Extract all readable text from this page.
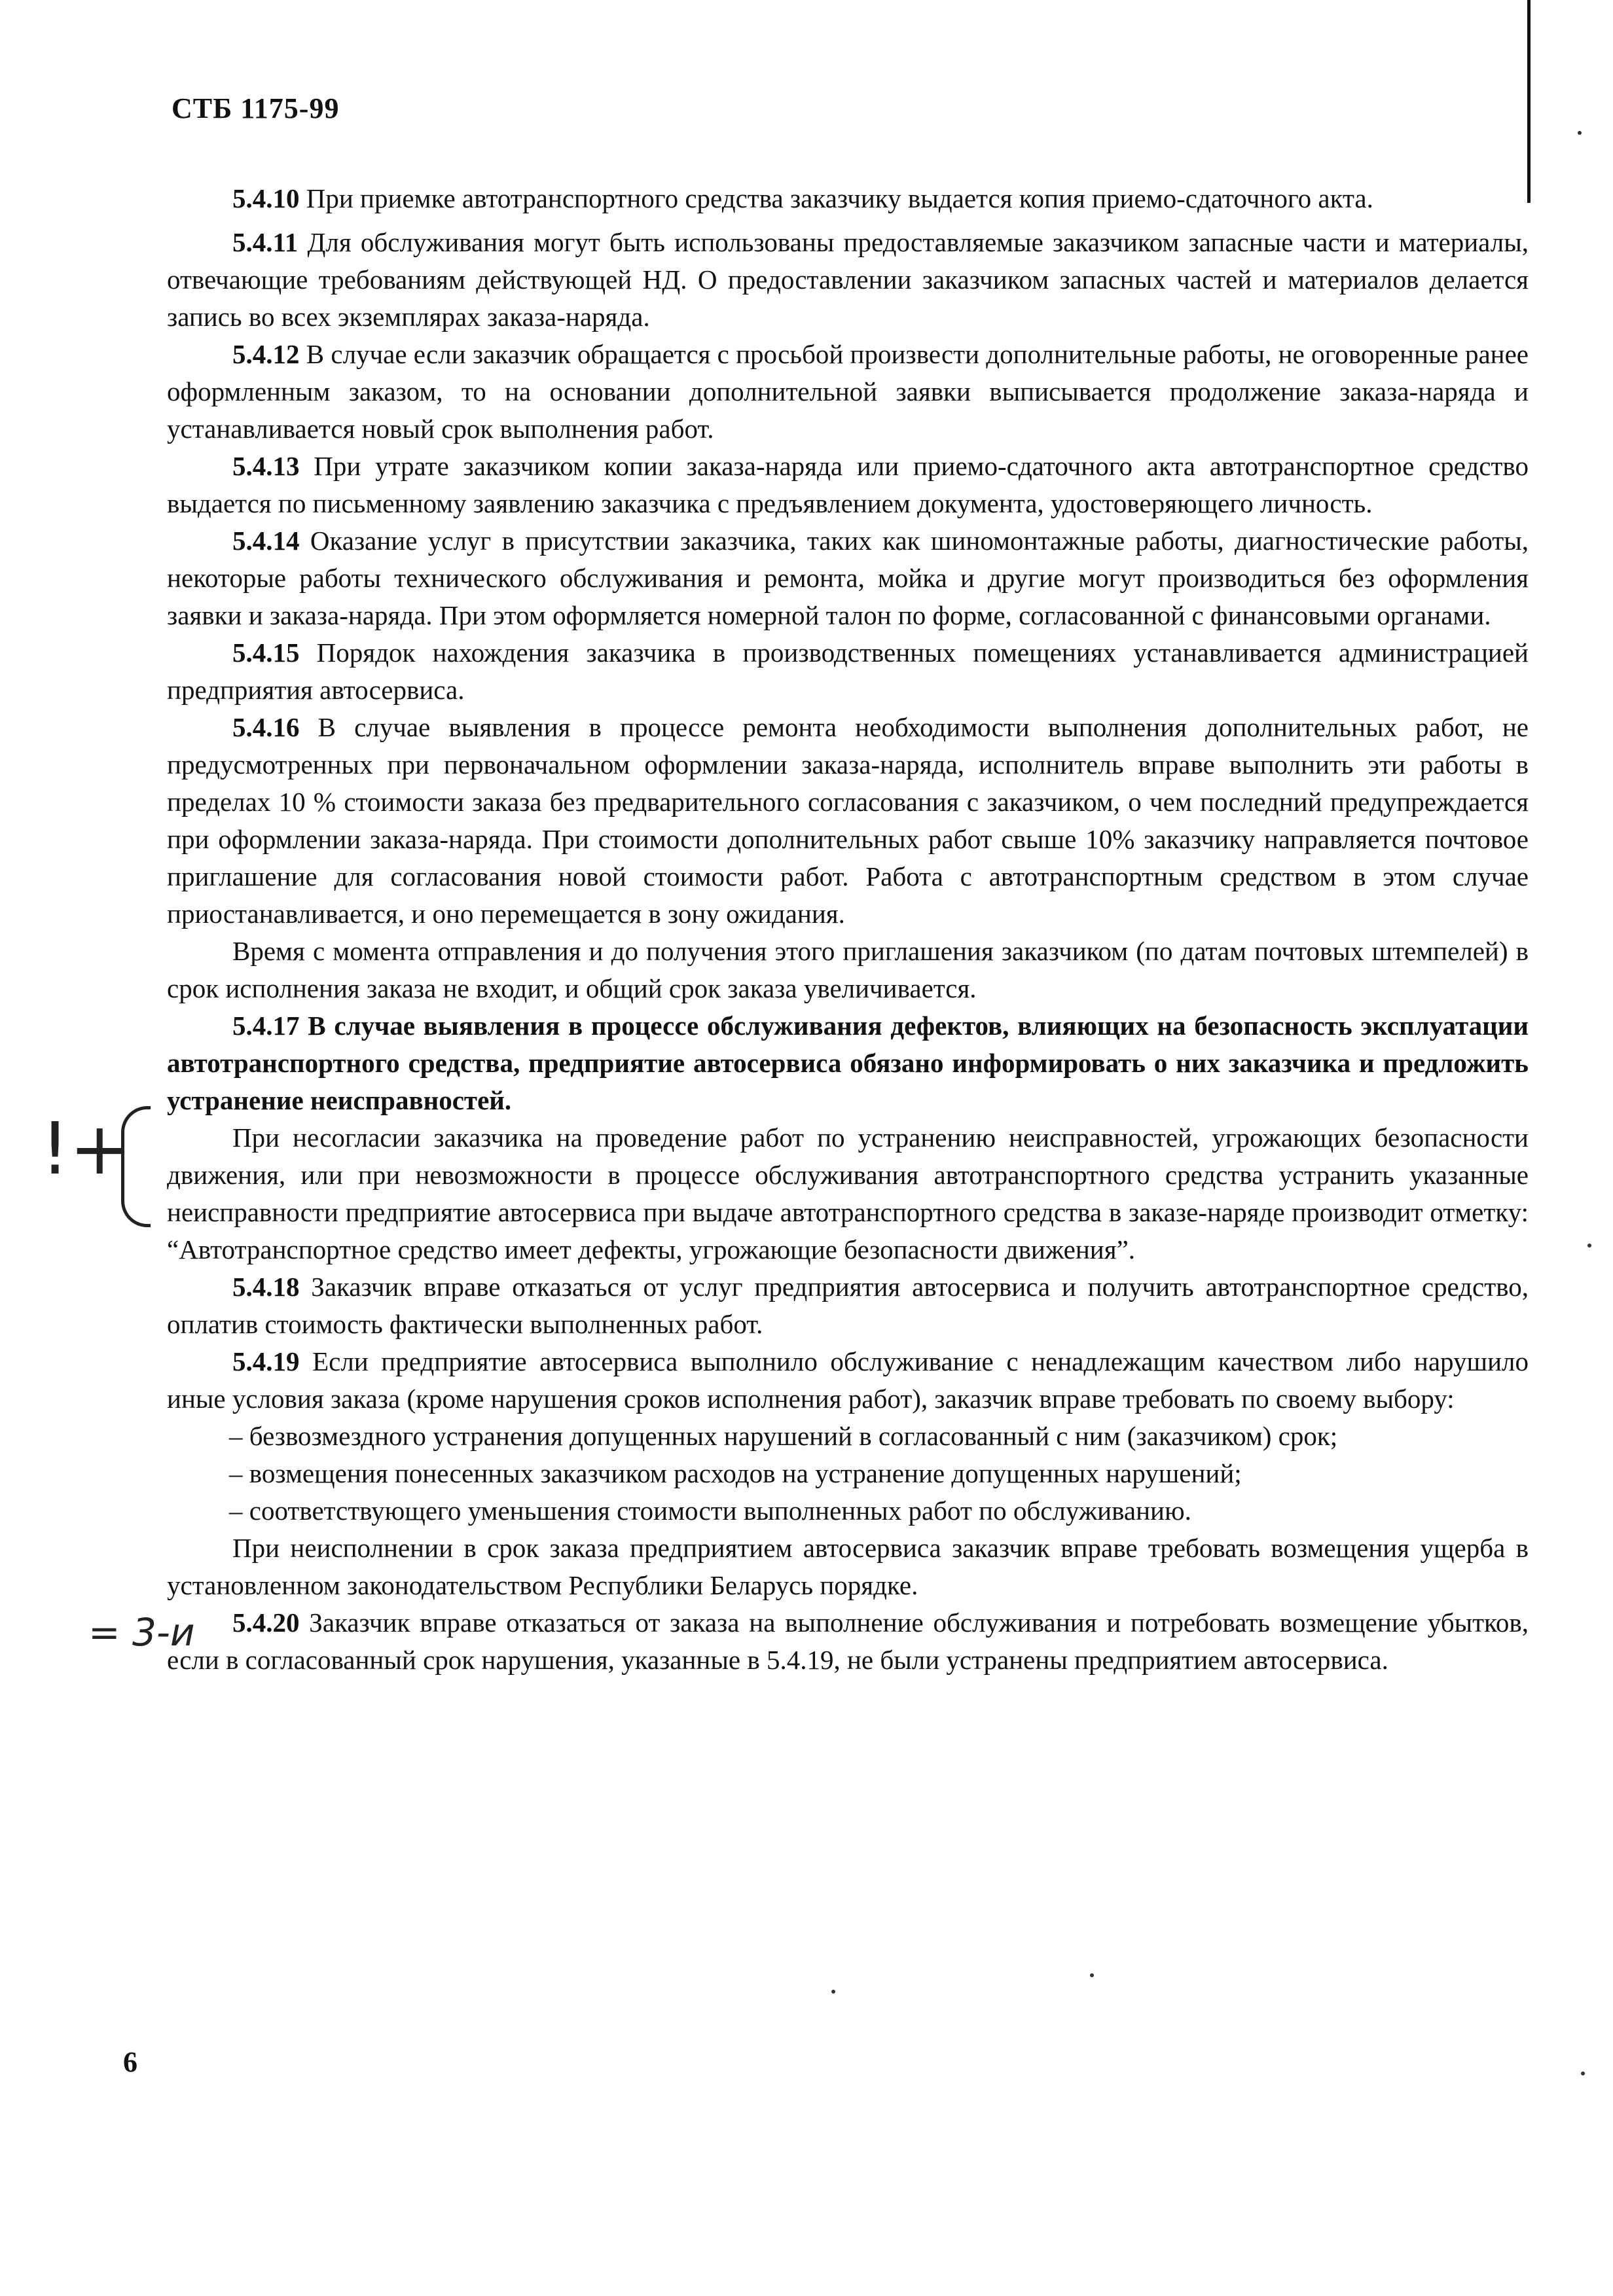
СТБ 1175-99

5.4.10 При приемке автотранспортного средства заказчику выдается копия приемо-сдаточного акта.

5.4.11 Для обслуживания могут быть использованы предоставляемые заказчиком запасные части и материалы, отвечающие требованиям действующей НД. О предоставлении заказчиком запасных частей и материалов делается запись во всех экземплярах заказа-наряда.

5.4.12 В случае если заказчик обращается с просьбой произвести дополнительные работы, не оговоренные ранее оформленным заказом, то на основании дополнительной заявки выписывается продолжение заказа-наряда и устанавливается новый срок выполнения работ.

5.4.13 При утрате заказчиком копии заказа-наряда или приемо-сдаточного акта автотранспортное средство выдается по письменному заявлению заказчика с предъявлением документа, удостоверяющего личность.

5.4.14 Оказание услуг в присутствии заказчика, таких как шиномонтажные работы, диагностические работы, некоторые работы технического обслуживания и ремонта, мойка и другие могут производиться без оформления заявки и заказа-наряда. При этом оформляется номерной талон по форме, согласованной с финансовыми органами.

5.4.15 Порядок нахождения заказчика в производственных помещениях устанавливается администрацией предприятия автосервиса.

5.4.16 В случае выявления в процессе ремонта необходимости выполнения дополнительных работ, не предусмотренных при первоначальном оформлении заказа-наряда, исполнитель вправе выполнить эти работы в пределах 10 % стоимости заказа без предварительного согласования с заказчиком, о чем последний предупреждается при оформлении заказа-наряда. При стоимости дополнительных работ свыше 10% заказчику направляется почтовое приглашение для согласования новой стоимости работ. Работа с автотранспортным средством в этом случае приостанавливается, и оно перемещается в зону ожидания.

Время с момента отправления и до получения этого приглашения заказчиком (по датам почтовых штемпелей) в срок исполнения заказа не входит, и общий срок заказа увеличивается.

5.4.17 В случае выявления в процессе обслуживания дефектов, влияющих на безопасность эксплуатации автотранспортного средства, предприятие автосервиса обязано информировать о них заказчика и предложить устранение неисправностей.

При несогласии заказчика на проведение работ по устранению неисправностей, угрожающих безопасности движения, или при невозможности в процессе обслуживания автотранспортного средства устранить указанные неисправности предприятие автосервиса при выдаче автотранспортного средства в заказе-наряде производит отметку: “Автотранспортное средство имеет дефекты, угрожающие безопасности движения”.

5.4.18 Заказчик вправе отказаться от услуг предприятия автосервиса и получить автотранспортное средство, оплатив стоимость фактически выполненных работ.

5.4.19 Если предприятие автосервиса выполнило обслуживание с ненадлежащим качеством либо нарушило иные условия заказа (кроме нарушения сроков исполнения работ), заказчик вправе требовать по своему выбору:

– безвозмездного устранения допущенных нарушений в согласованный с ним (заказчиком) срок;
– возмещения понесенных заказчиком расходов на устранение допущенных нарушений;
– соответствующего уменьшения стоимости выполненных работ по обслуживанию.

При неисполнении в срок заказа предприятием автосервиса заказчик вправе требовать возмещения ущерба в установленном законодательством Республики Беларусь порядке.

5.4.20 Заказчик вправе отказаться от заказа на выполнение обслуживания и потребовать возмещение убытков, если в согласованный срок нарушения, указанные в 5.4.19, не были устранены предприятием автосервиса.

!+
= 3-и
6
